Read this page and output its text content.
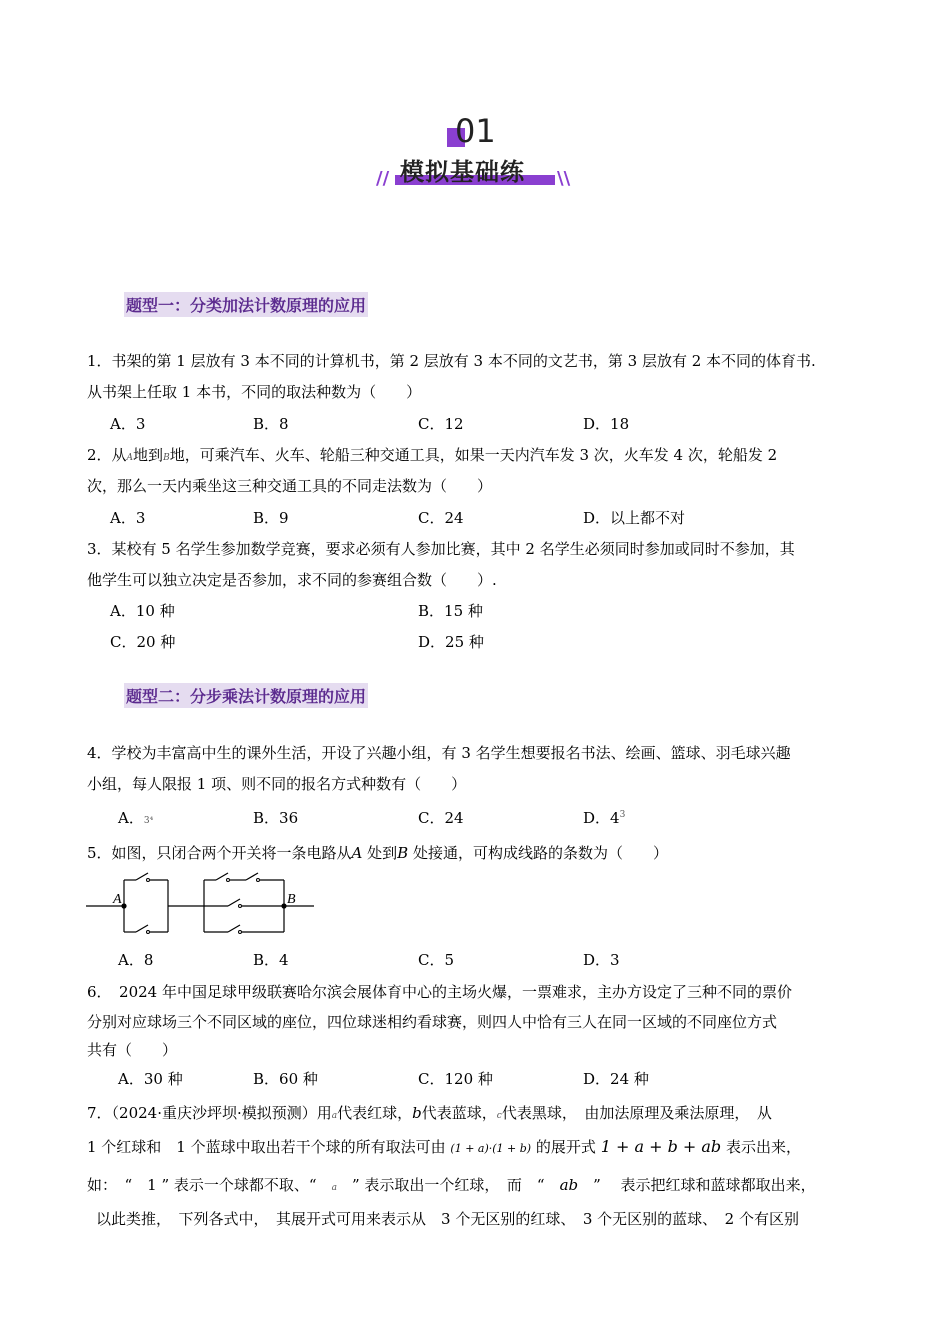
01
// 模拟基础练 \\
题型一：分类加法计数原理的应用
1．书架的第 1 层放有 3 本不同的计算机书，第 2 层放有 3 本不同的文艺书，第 3 层放有 2 本不同的体育书.
从书架上任取 1 本书，不同的取法种数为（　　）
A．3	B．8	C．12	D．18
2．从A地到B地，可乘汽车、火车、轮船三种交通工具，如果一天内汽车发 3 次，火车发 4 次，轮船发 2
次，那么一天内乘坐这三种交通工具的不同走法数为（　　）
A．3	B．9	C．24	D．以上都不对
3．某校有 5 名学生参加数学竞赛，要求必须有人参加比赛，其中 2 名学生必须同时参加或同时不参加，其
他学生可以独立决定是否参加，求不同的参赛组合数（　　）.
A．10 种	B．15 种
C．20 种	D．25 种
题型二：分步乘法计数原理的应用
4．学校为丰富高中生的课外生活，开设了兴趣小组，有 3 名学生想要报名书法、绘画、篮球、羽毛球兴趣
小组，每人限报 1 项、则不同的报名方式种数有（　　）
A．3⁴	B．36	C．24	D．$4^3$
5．如图，只闭合两个开关将一条电路从A 处到B 处接通，可构成线路的条数为（　　）
A	B
A．8	B．4	C．5	D．3
6．　2024 年中国足球甲级联赛哈尔滨会展体育中心的主场火爆，一票难求，主办方设定了三种不同的票价
分别对应球场三个不同区域的座位，四位球迷相约看球赛，则四人中恰有三人在同一区域的不同座位方式
共有（　　）
A．30 种	B．60 种	C．120 种	D．24 种
7．（2024·重庆沙坪坝·模拟预测）用a代表红球，b代表蓝球，c代表黑球，　由加法原理及乘法原理，　从
1 个红球和　1 个蓝球中取出若干个球的所有取法可由 (1 + a)·(1 + b) 的展开式 1 + a + b + ab 表示出来，
如：　“　1 ” 表示一个球都不取、“　a　” 表示取出一个红球，　而　“　ab　” 　表示把红球和蓝球都取出来，
以此类推，　下列各式中，　其展开式可用来表示从　3 个无区别的红球、　3 个无区别的蓝球、　2 个有区别
